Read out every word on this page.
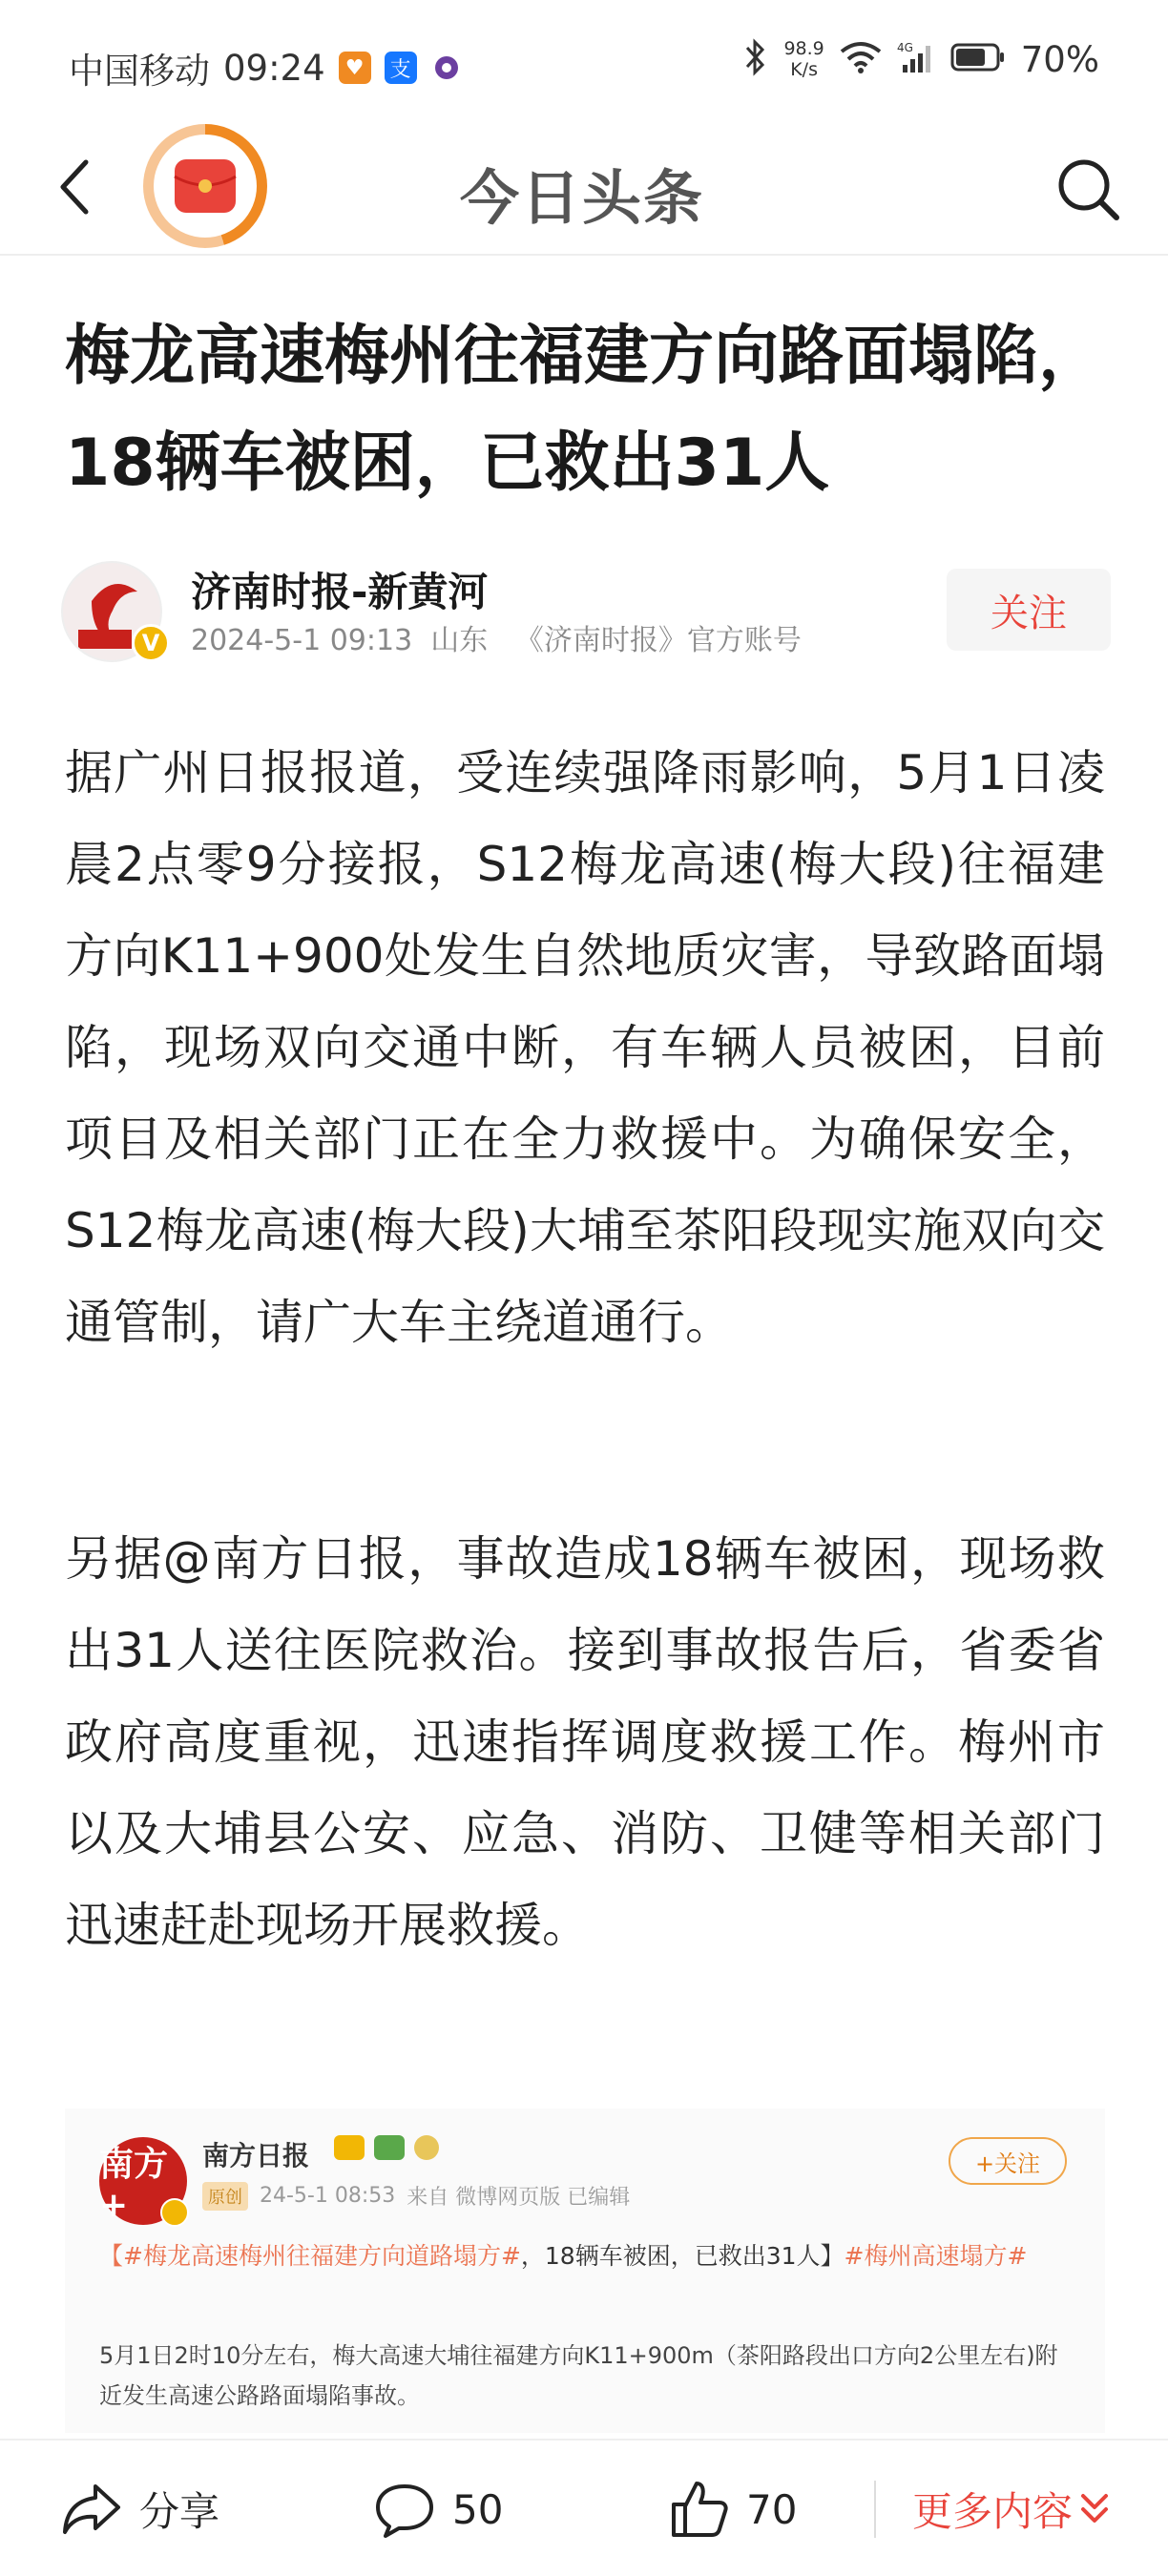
中国移动 09:24 ♥	支
98.9
K/s
4G	70%
今日头条
梅龙高速梅州往福建方向路面塌陷，18辆车被困，已救出31人
V
济南时报-新黄河
2024-5-1 09:13 山东 《济南时报》官方账号
关注

据广州日报报道，受连续强降雨影响，5月1日凌晨2点零9分接报，S12梅龙高速(梅大段)往福建方向K11+900处发生自然地质灾害，导致路面塌陷，现场双向交通中断，有车辆人员被困，目前项目及相关部门正在全力救援中。为确保安全，S12梅龙高速(梅大段)大埔至茶阳段现实施双向交通管制，请广大车主绕道通行。

另据@南方日报，事故造成18辆车被困，现场救出31人送往医院救治。接到事故报告后，省委省政府高度重视，迅速指挥调度救援工作。梅州市以及大埔县公安、应急、消防、卫健等相关部门迅速赶赴现场开展救援。

南方+
南方日报
原创 24-5-1 08:53 来自 微博网页版 已编辑
+关注
【#梅龙高速梅州往福建方向道路塌方#，18辆车被困，已救出31人】#梅州高速塌方#
5月1日2时10分左右，梅大高速大埔往福建方向K11+900m（茶阳路段出口方向2公里左右)附近发生高速公路路面塌陷事故。
分享	50	70	更多内容
